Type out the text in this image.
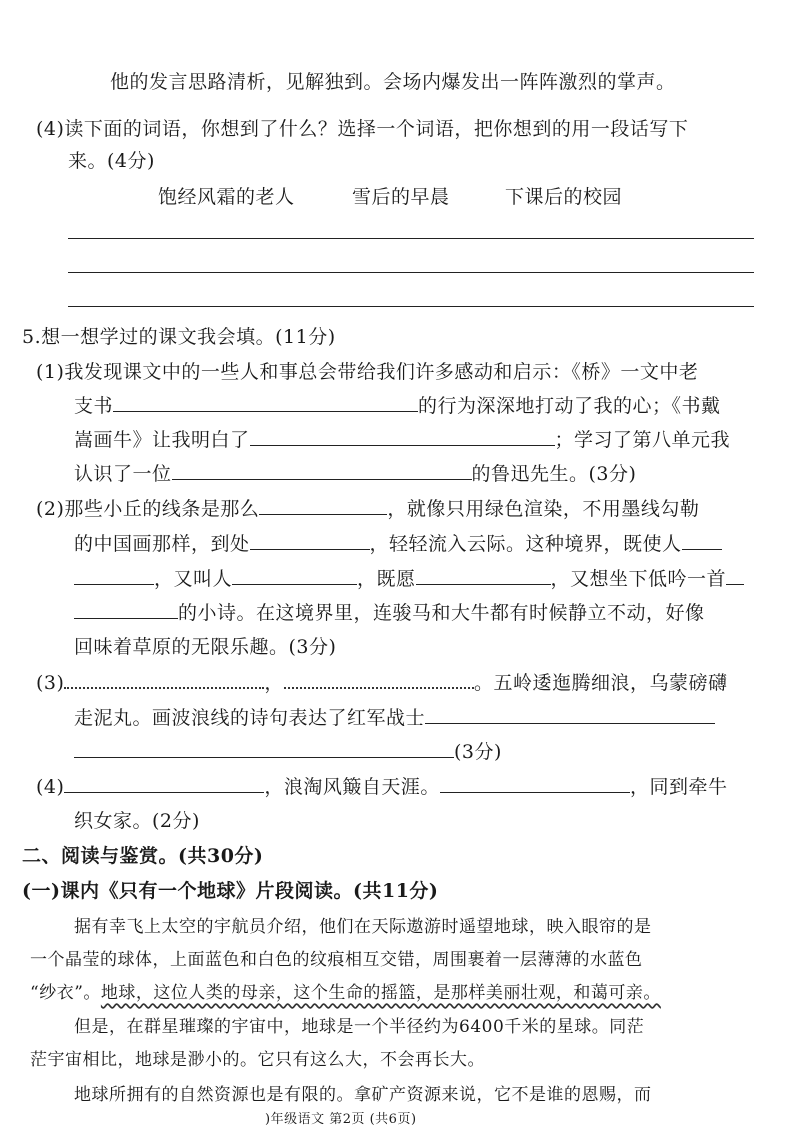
他的发言思路清析，见解独到。会场内爆发出一阵阵激烈的掌声。
(4)读下面的词语，你想到了什么？选择一个词语，把你想到的用一段话写下
来。(4分)
饱经风霜的老人	雪后的早晨	下课后的校园
5.想一想学过的课文我会填。(11分)
(1)我发现课文中的一些人和事总会带给我们许多感动和启示：《桥》一文中老
支书	的行为深深地打动了我的心；《书戴
嵩画牛》让我明白了	；学习了第八单元我
认识了一位	的鲁迅先生。(3分)
(2)那些小丘的线条是那么	，就像只用绿色渲染，不用墨线勾勒
的中国画那样，到处	，轻轻流入云际。这种境界，既使人
，又叫人	，既愿	，又想坐下低吟一首
的小诗。在这境界里，连骏马和大牛都有时候静立不动，好像
回味着草原的无限乐趣。(3分)
(3)	，	。五岭逶迤腾细浪，乌蒙磅礴
走泥丸。画波浪线的诗句表达了红军战士
(3分)
(4)	，浪淘风簸自天涯。	，同到牵牛
织女家。(2分)
二、阅读与鉴赏。(共30分)
(一)课内《只有一个地球》片段阅读。(共11分)
据有幸飞上太空的宇航员介绍，他们在天际遨游时遥望地球，映入眼帘的是
一个晶莹的球体，上面蓝色和白色的纹痕相互交错，周围裹着一层薄薄的水蓝色
“纱衣”。地球，这位人类的母亲，这个生命的摇篮，是那样美丽壮观，和蔼可亲。
但是，在群星璀璨的宇宙中，地球是一个半径约为6400千米的星球。同茫
茫宇宙相比，地球是渺小的。它只有这么大，不会再长大。
地球所拥有的自然资源也是有限的。拿矿产资源来说，它不是谁的恩赐，而
)年级语文 第2页 (共6页)
